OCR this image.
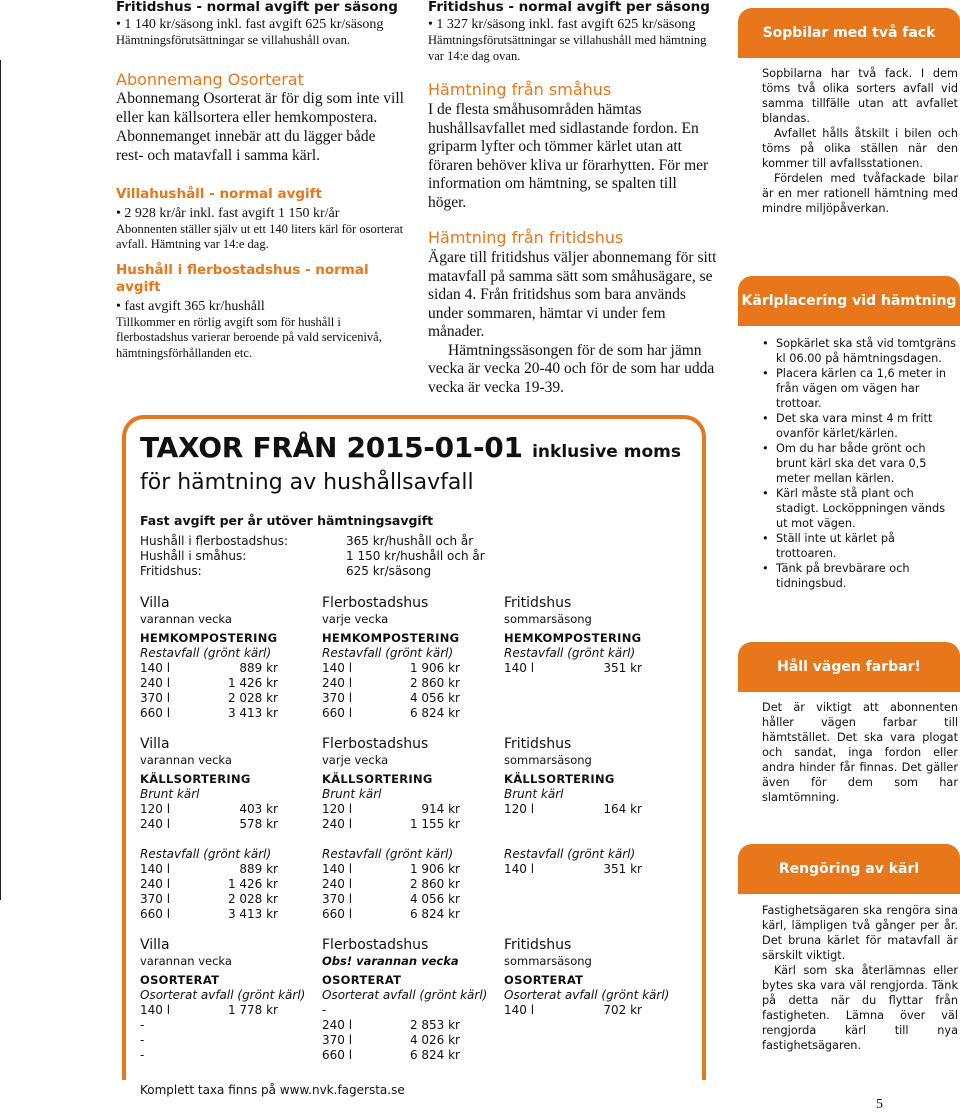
Fritidshus - normal avgift per säsong
• 1 140 kr/säsong inkl. fast avgift 625 kr/säsong
Hämtningsförutsättningar se villahushåll ovan.
Abonnemang Osorterat
Abonnemang Osorterat är för dig som inte vill eller kan källsortera eller hemkompostera. Abonnemanget innebär att du lägger både rest- och matavfall i samma kärl.
Villahushåll - normal avgift
• 2 928 kr/år inkl. fast avgift 1 150 kr/år
Abonnenten ställer själv ut ett 140 liters kärl för osorterat avfall. Hämtning var 14:e dag.
Hushåll i flerbostadshus - normal avgift
• fast avgift 365 kr/hushåll
Tillkommer en rörlig avgift som för hushåll i flerbostadshus varierar beroende på vald servicenivå, hämtningsförhållanden etc.
Fritidshus - normal avgift per säsong
• 1 327 kr/säsong inkl. fast avgift 625 kr/säsong
Hämtningsförutsättningar se villahushåll med hämtning var 14:e dag ovan.
Hämtning från småhus
I de flesta småhusområden hämtas hushållsavfallet med sidlastande fordon. En griparm lyfter och tömmer kärlet utan att föraren behöver kliva ur förarhytten. För mer information om hämtning, se spalten till höger.
Hämtning från fritidshus
Ägare till fritidshus väljer abonnemang för sitt matavfall på samma sätt som småhusägare, se sidan 4. Från fritidshus som bara används under sommaren, hämtar vi under fem månader.
Hämtningssäsongen för de som har jämn vecka är vecka 20-40 och för de som har udda vecka är vecka 19-39.
Sopbilar med två fack

Sopbilarna har två fack. I dem töms två olika sorters avfall vid samma tillfälle utan att avfallet blandas.

Avfallet hålls åtskilt i bilen och töms på olika ställen när den kommer till avfallsstationen.

Fördelen med tvåfackade bilar är en mer rationell hämtning med mindre miljöpåverkan.

Kärlplacering vid hämtning
• Sopkärlet ska stå vid tomtgräns kl 06.00 på hämtningsdagen.
• Placera kärlen ca 1,6 meter in från vägen om vägen har trottoar.
• Det ska vara minst 4 m fritt ovanför kärlet/kärlen.
• Om du har både grönt och brunt kärl ska det vara 0,5 meter mellan kärlen.
• Kärl måste stå plant och stadigt. Locköppningen vänds ut mot vägen.
• Ställ inte ut kärlet på trottoaren.
• Tänk på brevbärare och tidningsbud.
Håll vägen farbar!

Det är viktigt att abonnenten håller vägen farbar till hämtstället. Det ska vara plogat och sandat, inga fordon eller andra hinder får finnas. Det gäller även för dem som har slamtömning.

Rengöring av kärl

Fastighetsägaren ska rengöra sina kärl, lämpligen två gånger per år. Det bruna kärlet för matavfall är särskilt viktigt.

Kärl som ska återlämnas eller bytes ska vara väl rengjorda. Tänk på detta när du flyttar från fastigheten. Lämna över väl rengjorda kärl till nya fastighetsägaren.

TAXOR FRÅN 2015-01-01 inklusive moms
för hämtning av hushållsavfall
Fast avgift per år utöver hämtningsavgift
Hushåll i flerbostadshus:	365 kr/hushåll och år
Hushåll i småhus:	1 150 kr/hushåll och år
Fritidshus:	625 kr/säsong
Villa
varannan vecka
HEMKOMPOSTERING
Restavfall (grönt kärl)
140 l	889 kr
240 l	1 426 kr
370 l	2 028 kr
660 l	3 413 kr
Flerbostadshus
varje vecka
HEMKOMPOSTERING
Restavfall (grönt kärl)
140 l	1 906 kr
240 l	2 860 kr
370 l	4 056 kr
660 l	6 824 kr
Fritidshus
sommarsäsong
HEMKOMPOSTERING
Restavfall (grönt kärl)
140 l	351 kr
Villa
varannan vecka
KÄLLSORTERING
Brunt kärl
120 l	403 kr
240 l	578 kr
Restavfall (grönt kärl)
140 l	889 kr
240 l	1 426 kr
370 l	2 028 kr
660 l	3 413 kr
Flerbostadshus
varje vecka
KÄLLSORTERING
Brunt kärl
120 l	914 kr
240 l	1 155 kr
Restavfall (grönt kärl)
140 l	1 906 kr
240 l	2 860 kr
370 l	4 056 kr
660 l	6 824 kr
Fritidshus
sommarsäsong
KÄLLSORTERING
Brunt kärl
120 l	164 kr
Restavfall (grönt kärl)
140 l	351 kr
Villa
varannan vecka
OSORTERAT
Osorterat avfall (grönt kärl)
140 l	1 778 kr
-
-
-
Flerbostadshus
Obs! varannan vecka
OSORTERAT
Osorterat avfall (grönt kärl)
-
240 l	2 853 kr
370 l	4 026 kr
660 l	6 824 kr
Fritidshus
sommarsäsong
OSORTERAT
Osorterat avfall (grönt kärl)
140 l	702 kr
Komplett taxa finns på www.nvk.fagersta.se
5
